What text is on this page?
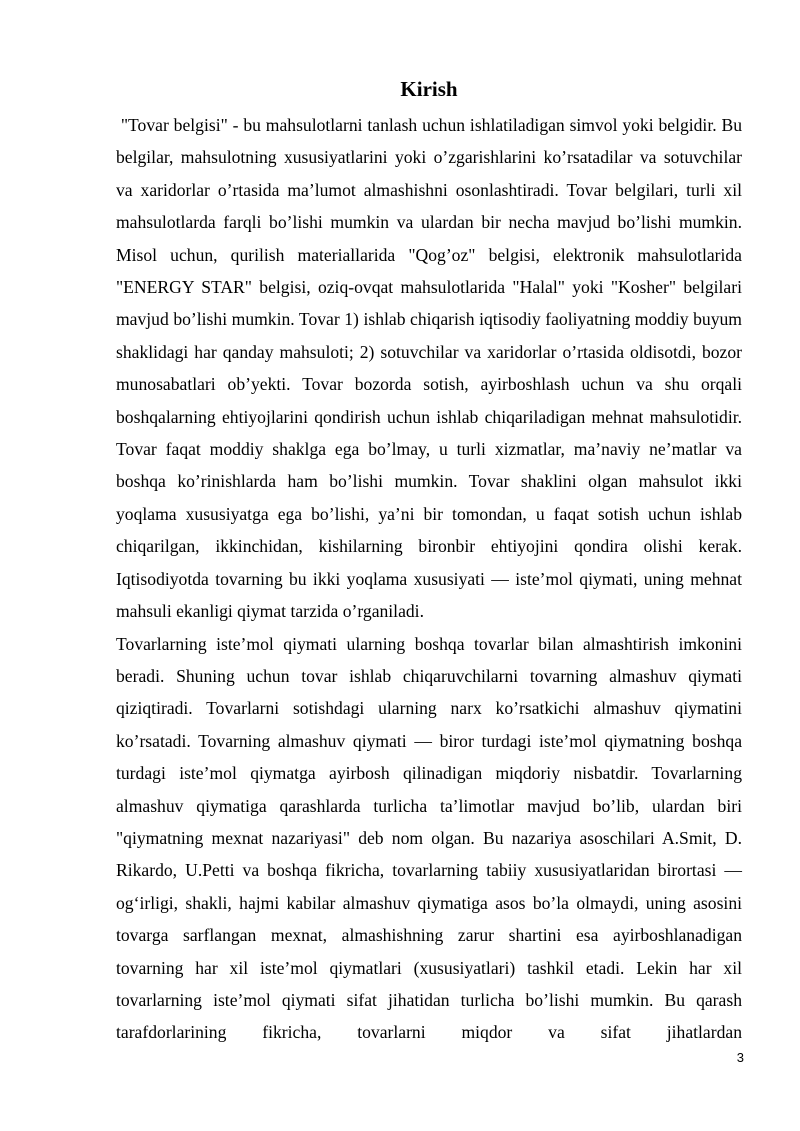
Kirish

"Tovar belgisi" - bu mahsulotlarni tanlash uchun ishlatiladigan simvol yoki belgidir. Bu belgilar, mahsulotning xususiyatlarini yoki o’zgarishlarini ko’rsatadilar va sotuvchilar va xaridorlar o’rtasida ma’lumot almashishni osonlashtiradi. Tovar belgilari, turli xil mahsulotlarda farqli bo’lishi mumkin va ulardan bir necha mavjud bo’lishi mumkin. Misol uchun, qurilish materiallarida "Qog’oz" belgisi, elektronik mahsulotlarida "ENERGY STAR" belgisi, oziq-ovqat mahsulotlarida "Halal" yoki "Kosher" belgilari mavjud bo’lishi mumkin. Tovar 1) ishlab chiqarish iqtisodiy faoliyatning moddiy buyum shaklidagi har qanday mahsuloti; 2) sotuvchilar va xaridorlar o’rtasida oldisotdi, bozor munosabatlari ob’yekti. Tovar bozorda sotish, ayirboshlash uchun va shu orqali boshqalarning ehtiyojlarini qondirish uchun ishlab chiqariladigan mehnat mahsulotidir. Tovar faqat moddiy shaklga ega bo’lmay, u turli xizmatlar, ma’naviy ne’matlar va boshqa ko’rinishlarda ham bo’lishi mumkin. Tovar shaklini olgan mahsulot ikki yoqlama xususiyatga ega bo’lishi, ya’ni bir tomondan, u faqat sotish uchun ishlab chiqarilgan, ikkinchidan, kishilarning bironbir ehtiyojini qondira olishi kerak. Iqtisodiyotda tovarning bu ikki yoqlama xususiyati — iste’mol qiymati, uning mehnat mahsuli ekanligi qiymat tarzida o’rganiladi.

Tovarlarning iste’mol qiymati ularning boshqa tovarlar bilan almashtirish imkonini beradi. Shuning uchun tovar ishlab chiqaruvchilarni tovarning almashuv qiymati qiziqtiradi. Tovarlarni sotishdagi ularning narx ko’rsatkichi almashuv qiymatini ko’rsatadi. Tovarning almashuv qiymati — biror turdagi iste’mol qiymatning boshqa turdagi iste’mol qiymatga ayirbosh qilinadigan miqdoriy nisbatdir. Tovarlarning almashuv qiymatiga qarashlarda turlicha ta’limotlar mavjud bo’lib, ulardan biri "qiymatning mexnat nazariyasi" deb nom olgan. Bu nazariya asoschilari A.Smit, D. Rikardo, U.Petti va boshqa fikricha, tovarlarning tabiiy xususiyatlaridan birortasi — og‘irligi, shakli, hajmi kabilar almashuv qiymatiga asos bo’la olmaydi, uning asosini tovarga sarflangan mexnat, almashishning zarur shartini esa ayirboshlanadigan tovarning har xil iste’mol qiymatlari (xususiyatlari) tashkil etadi. Lekin har xil tovarlarning iste’mol qiymati sifat jihatidan turlicha bo’lishi mumkin. Bu qarash tarafdorlarining fikricha, tovarlarni miqdor va sifat jihatlardan

3
